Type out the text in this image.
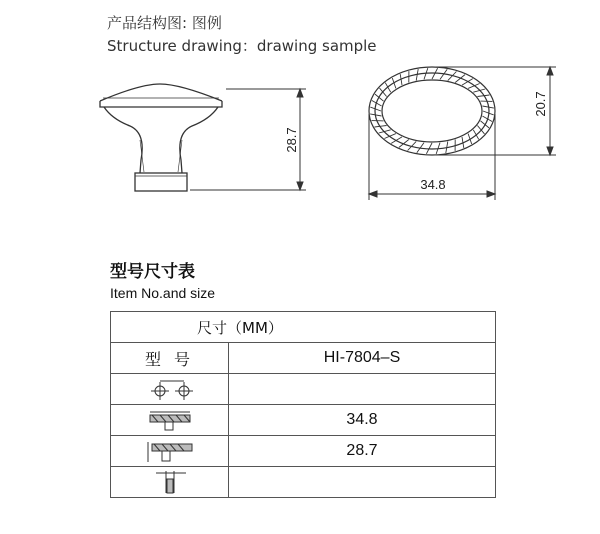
产品结构图: 图例
Structure drawing：drawing sample
28.7
20.7
34.8
型号尺寸表
Item No.and size
尺寸（MM）	
型 号	HI-7804–S

	34.8

	28.7
